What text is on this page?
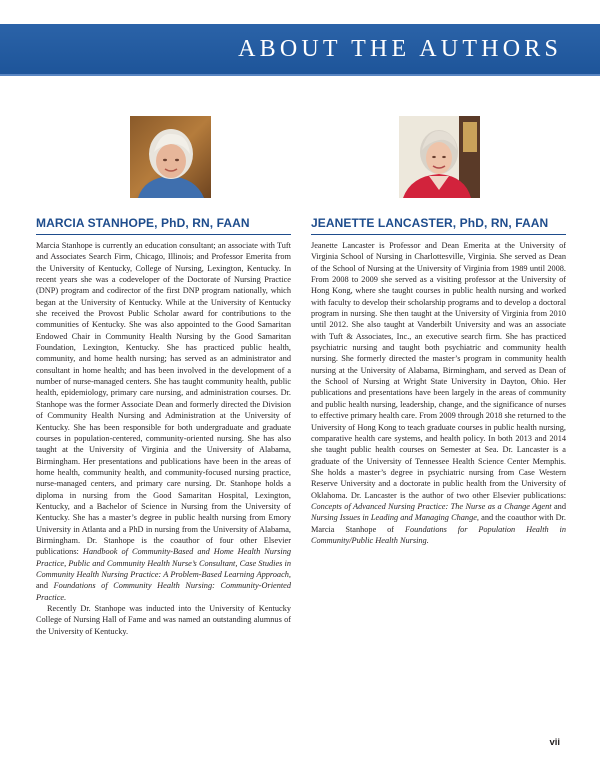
ABOUT THE AUTHORS
MARCIA STANHOPE, PhD, RN, FAAN

Marcia Stanhope is currently an education consultant; an associate with Tuft and Associates Search Firm, Chicago, Illinois; and Professor Emerita from the University of Kentucky, College of Nursing, Lexington, Kentucky. In recent years she was a codeveloper of the Doctorate of Nursing Practice (DNP) program and codirector of the first DNP program nationally, which began at the University of Kentucky. While at the University of Kentucky she received the Provost Public Scholar award for contributions to the communities of Kentucky. She was also appointed to the Good Samaritan Endowed Chair in Community Health Nursing by the Good Samaritan Foundation, Lexington, Kentucky. She has practiced public health, community, and home health nursing; has served as an administrator and consultant in home health; and has been involved in the development of a number of nurse-managed centers. She has taught community health, public health, epidemiology, primary care nursing, and administration courses. Dr. Stanhope was the former Associate Dean and formerly directed the Division of Community Health Nursing and Administration at the University of Kentucky. She has been responsible for both undergraduate and graduate courses in population-centered, community-oriented nursing. She has also taught at the University of Virginia and the University of Alabama, Birmingham. Her presentations and publications have been in the areas of home health, community health, and community-focused nursing practice, nurse-managed centers, and primary care nursing. Dr. Stanhope holds a diploma in nursing from the Good Samaritan Hospital, Lexington, Kentucky, and a Bachelor of Science in Nursing from the University of Kentucky. She has a master’s degree in public health nursing from Emory University in Atlanta and a PhD in nursing from the University of Alabama, Birmingham. Dr. Stanhope is the coauthor of four other Elsevier publications: Handbook of Community-Based and Home Health Nursing Practice, Public and Community Health Nurse’s Consultant, Case Studies in Community Health Nursing Practice: A Problem-Based Learning Approach, and Foundations of Community Health Nursing: Community-Oriented Practice.

Recently Dr. Stanhope was inducted into the University of Kentucky College of Nursing Hall of Fame and was named an outstanding alumnus of the University of Kentucky.

JEANETTE LANCASTER, PhD, RN, FAAN

Jeanette Lancaster is Professor and Dean Emerita at the University of Virginia School of Nursing in Charlottesville, Virginia. She served as Dean of the School of Nursing at the University of Virginia from 1989 until 2008. From 2008 to 2009 she served as a visiting professor at the University of Hong Kong, where she taught courses in public health nursing and worked with faculty to develop their scholarship programs and to develop a doctoral program in nursing. She then taught at the University of Virginia from 2010 until 2012. She also taught at Vanderbilt University and was an associate with Tuft & Associates, Inc., an executive search firm. She has practiced psychiatric nursing and taught both psychiatric and community health nursing. She formerly directed the master’s program in community health nursing at the University of Alabama, Birmingham, and served as Dean of the School of Nursing at Wright State University in Dayton, Ohio. Her publications and presentations have been largely in the areas of community and public health nursing, leadership, change, and the significance of nurses to effective primary health care. From 2009 through 2018 she returned to the University of Hong Kong to teach graduate courses in public health nursing, comparative health care systems, and health policy. In both 2013 and 2014 she taught public health courses on Semester at Sea. Dr. Lancaster is a graduate of the University of Tennessee Health Science Center Memphis. She holds a master’s degree in psychiatric nursing from Case Western Reserve University and a doctorate in public health from the University of Oklahoma. Dr. Lancaster is the author of two other Elsevier publications: Concepts of Advanced Nursing Practice: The Nurse as a Change Agent and Nursing Issues in Leading and Managing Change, and the coauthor with Dr. Marcia Stanhope of Foundations for Population Health in Community/Public Health Nursing.

vii
